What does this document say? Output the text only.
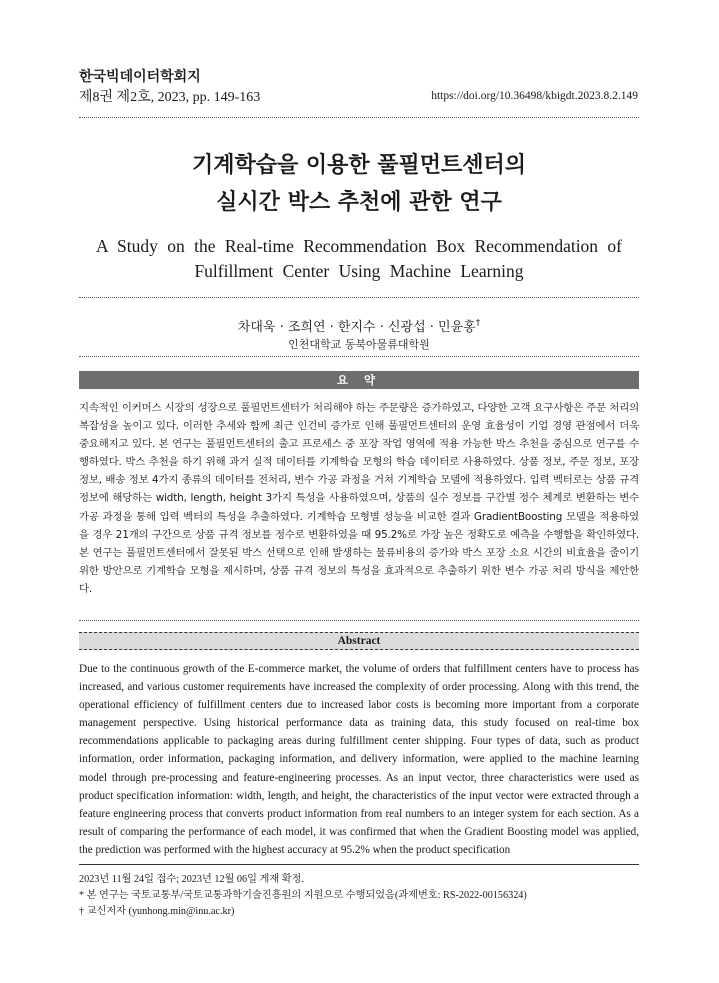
한국빅데이터학회지
제8권 제2호, 2023, pp. 149-163	https://doi.org/10.36498/kbigdt.2023.8.2.149
기계학습을 이용한 풀필먼트센터의
실시간 박스 추천에 관한 연구
A Study on the Real-time Recommendation Box Recommendation of
Fulfillment Center Using Machine Learning
차대욱 · 조희연 · 한지수 · 신광섭 · 민윤홍†
인천대학교 동북아물류대학원
요 약
지속적인 이커머스 시장의 성장으로 풀필먼트센터가 처리해야 하는 주문량은 증가하였고, 다양한 고객 요구사항은 주문 처리의 복잡성을 높이고 있다. 이러한 추세와 함께 최근 인건비 증가로 인해 풀필먼트센터의 운영 효율성이 기업 경영 관점에서 더욱 중요해지고 있다. 본 연구는 풀필먼트센터의 출고 프로세스 중 포장 작업 영역에 적용 가능한 박스 추천을 중심으로 연구를 수행하였다. 박스 추천을 하기 위해 과거 실적 데이터를 기계학습 모형의 학습 데이터로 사용하였다. 상품 정보, 주문 정보, 포장 정보, 배송 정보 4가지 종류의 데이터를 전처리, 변수 가공 과정을 거쳐 기계학습 모델에 적용하였다. 입력 벡터로는 상품 규격 정보에 해당하는 width, length, height 3가지 특성을 사용하였으며, 상품의 실수 정보를 구간별 정수 체계로 변환하는 변수 가공 과정을 통해 입력 벡터의 특성을 추출하였다. 기계학습 모형별 성능을 비교한 결과 GradientBoosting 모델을 적용하였을 경우 21개의 구간으로 상품 규격 정보를 정수로 변환하였을 때 95.2%로 가장 높은 정확도로 예측을 수행함을 확인하였다. 본 연구는 풀필먼트센터에서 잘못된 박스 선택으로 인해 발생하는 물류비용의 증가와 박스 포장 소요 시간의 비효율을 줄이기 위한 방안으로 기계학습 모형을 제시하며, 상품 규격 정보의 특성을 효과적으로 추출하기 위한 변수 가공 처리 방식을 제안한다.
Abstract
Due to the continuous growth of the E-commerce market, the volume of orders that fulfillment centers have to process has increased, and various customer requirements have increased the complexity of order processing. Along with this trend, the operational efficiency of fulfillment centers due to increased labor costs is becoming more important from a corporate management perspective. Using historical performance data as training data, this study focused on real-time box recommendations applicable to packaging areas during fulfillment center shipping. Four types of data, such as product information, order information, packaging information, and delivery information, were applied to the machine learning model through pre-processing and feature-engineering processes. As an input vector, three characteristics were used as product specification information: width, length, and height, the characteristics of the input vector were extracted through a feature engineering process that converts product information from real numbers to an integer system for each section. As a result of comparing the performance of each model, it was confirmed that when the Gradient Boosting model was applied, the prediction was performed with the highest accuracy at 95.2% when the product specification
2023년 11월 24일 접수; 2023년 12월 06일 게재 확정.
* 본 연구는 국토교통부/국토교통과학기술진흥원의 지원으로 수행되었음(과제번호: RS-2022-00156324)
† 교신저자 (yunhong.min@inu.ac.kr)
